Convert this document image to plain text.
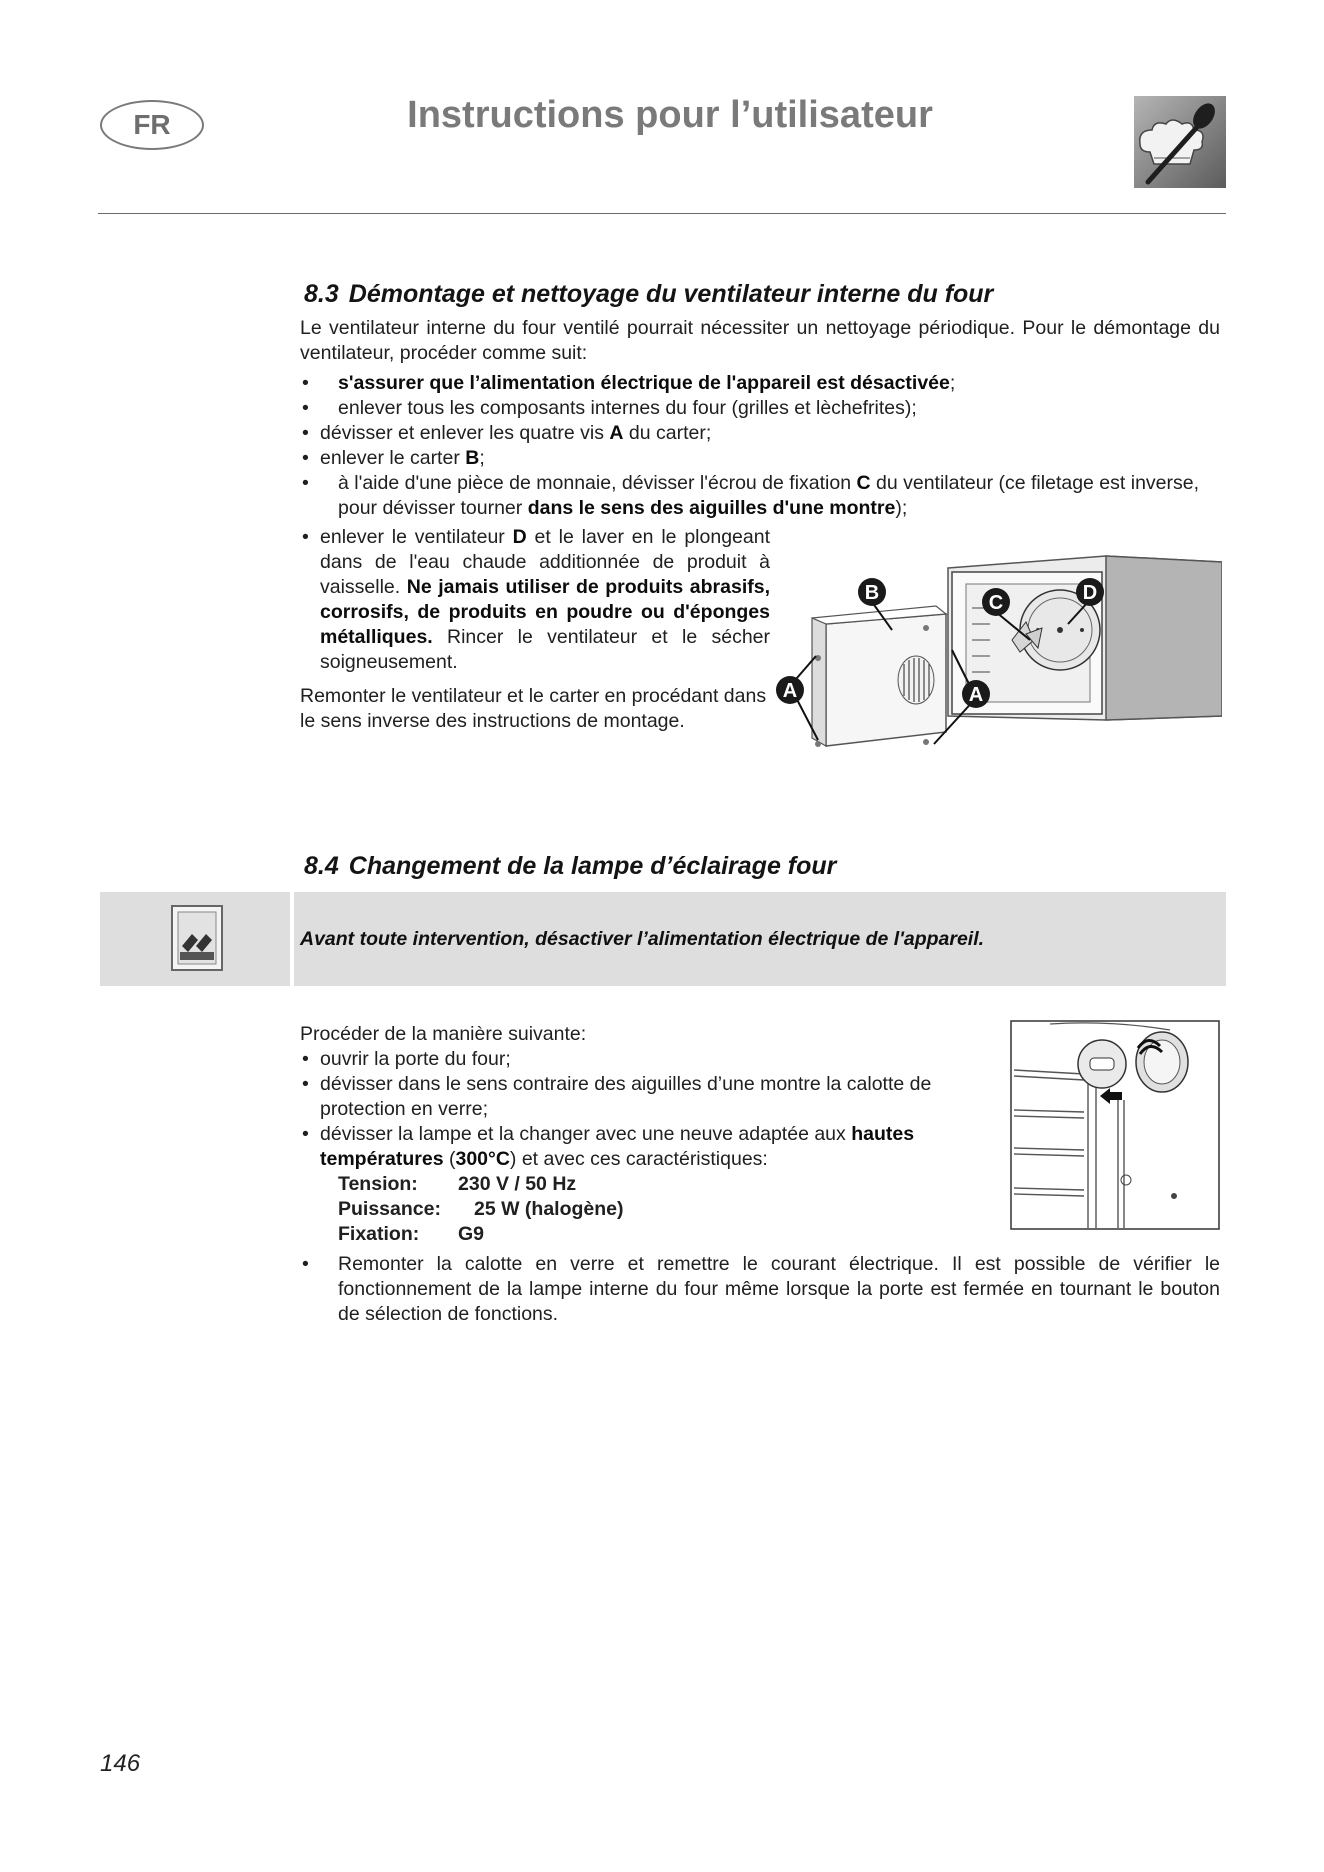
FR	Instructions pour l’utilisateur
8.3 Démontage et nettoyage du ventilateur interne du four
Le ventilateur interne du four ventilé pourrait nécessiter un nettoyage périodique. Pour le démontage du ventilateur, procéder comme suit:
• s'assurer que l’alimentation électrique de l'appareil est désactivée;
• enlever tous les composants internes du four (grilles et lèchefrites);
• dévisser et enlever les quatre vis A du carter;
• enlever le carter B;
• à l'aide d'une pièce de monnaie, dévisser l'écrou de fixation C du ventilateur (ce filetage est inverse, pour dévisser tourner dans le sens des aiguilles d'une montre);
• enlever le ventilateur D et le laver en le plongeant dans de l'eau chaude additionnée de produit à vaisselle. Ne jamais utiliser de produits abrasifs, corrosifs, de produits en poudre ou d'éponges métalliques. Rincer le ventilateur et le sécher soigneusement.
Remonter le ventilateur et le carter en procédant dans le sens inverse des instructions de montage.
B	C	D
A	A
8.4 Changement de la lampe d’éclairage four
Avant toute intervention, désactiver l’alimentation électrique de l'appareil.
Procéder de la manière suivante:
• ouvrir la porte du four;
• dévisser dans le sens contraire des aiguilles d’une montre la calotte de protection en verre;
• dévisser la lampe et la changer avec une neuve adaptée aux hautes températures (300°C) et avec ces caractéristiques:
Tension:	230 V / 50 Hz
Puissance:	25 W (halogène)
Fixation:	G9
• Remonter la calotte en verre et remettre le courant électrique. Il est possible de vérifier le fonctionnement de la lampe interne du four même lorsque la porte est fermée en tournant le bouton de sélection de fonctions.
146
